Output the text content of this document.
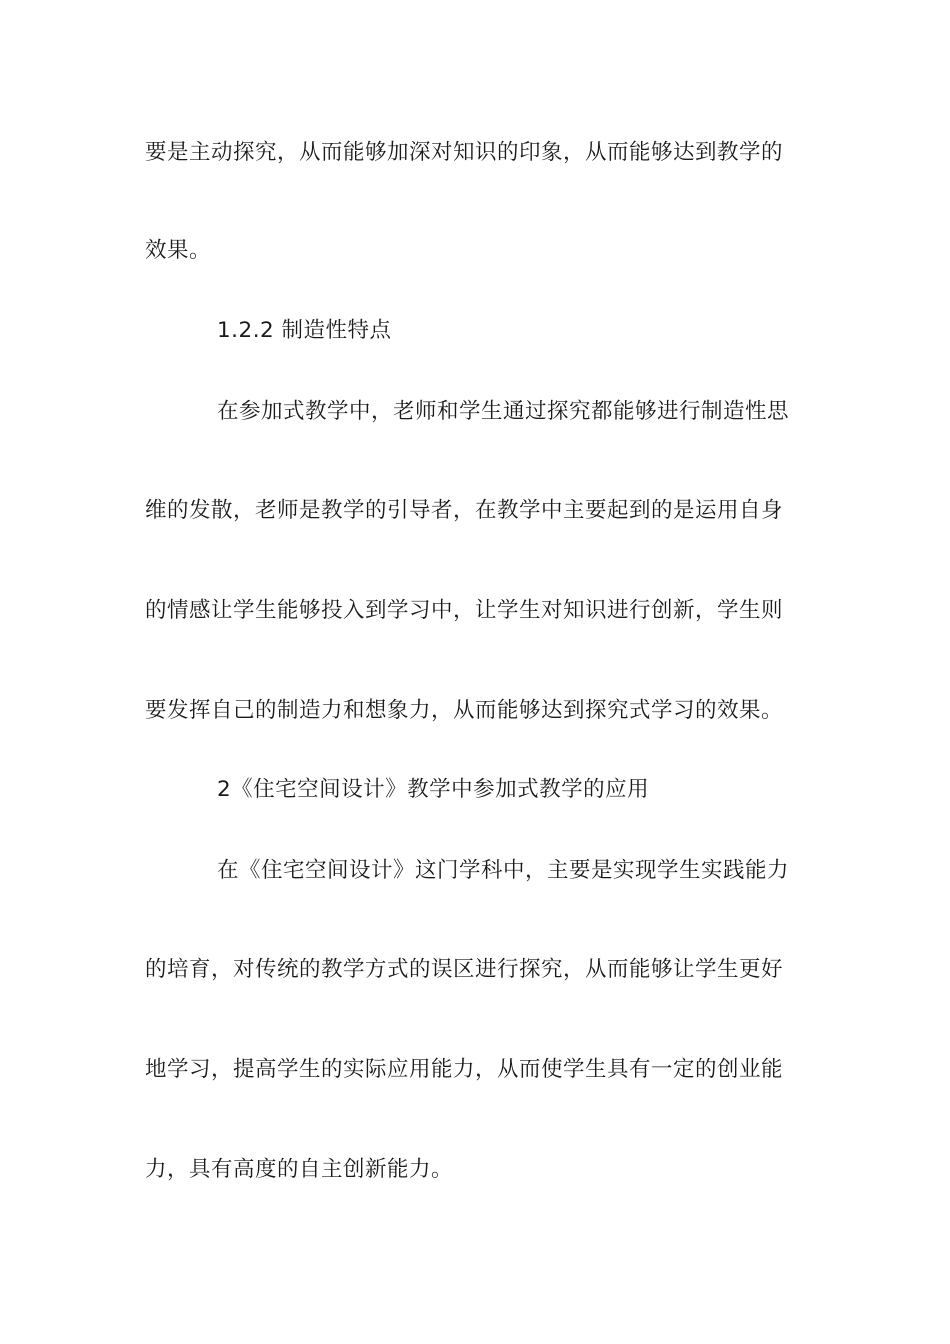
要是主动探究，从而能够加深对知识的印象，从而能够达到教学的
效果。
1.2.2 制造性特点
在参加式教学中，老师和学生通过探究都能够进行制造性思
维的发散，老师是教学的引导者，在教学中主要起到的是运用自身
的情感让学生能够投入到学习中，让学生对知识进行创新，学生则
要发挥自己的制造力和想象力，从而能够达到探究式学习的效果。
2《住宅空间设计》教学中参加式教学的应用
在《住宅空间设计》这门学科中，主要是实现学生实践能力
的培育，对传统的教学方式的误区进行探究，从而能够让学生更好
地学习，提高学生的实际应用能力，从而使学生具有一定的创业能
力，具有高度的自主创新能力。
